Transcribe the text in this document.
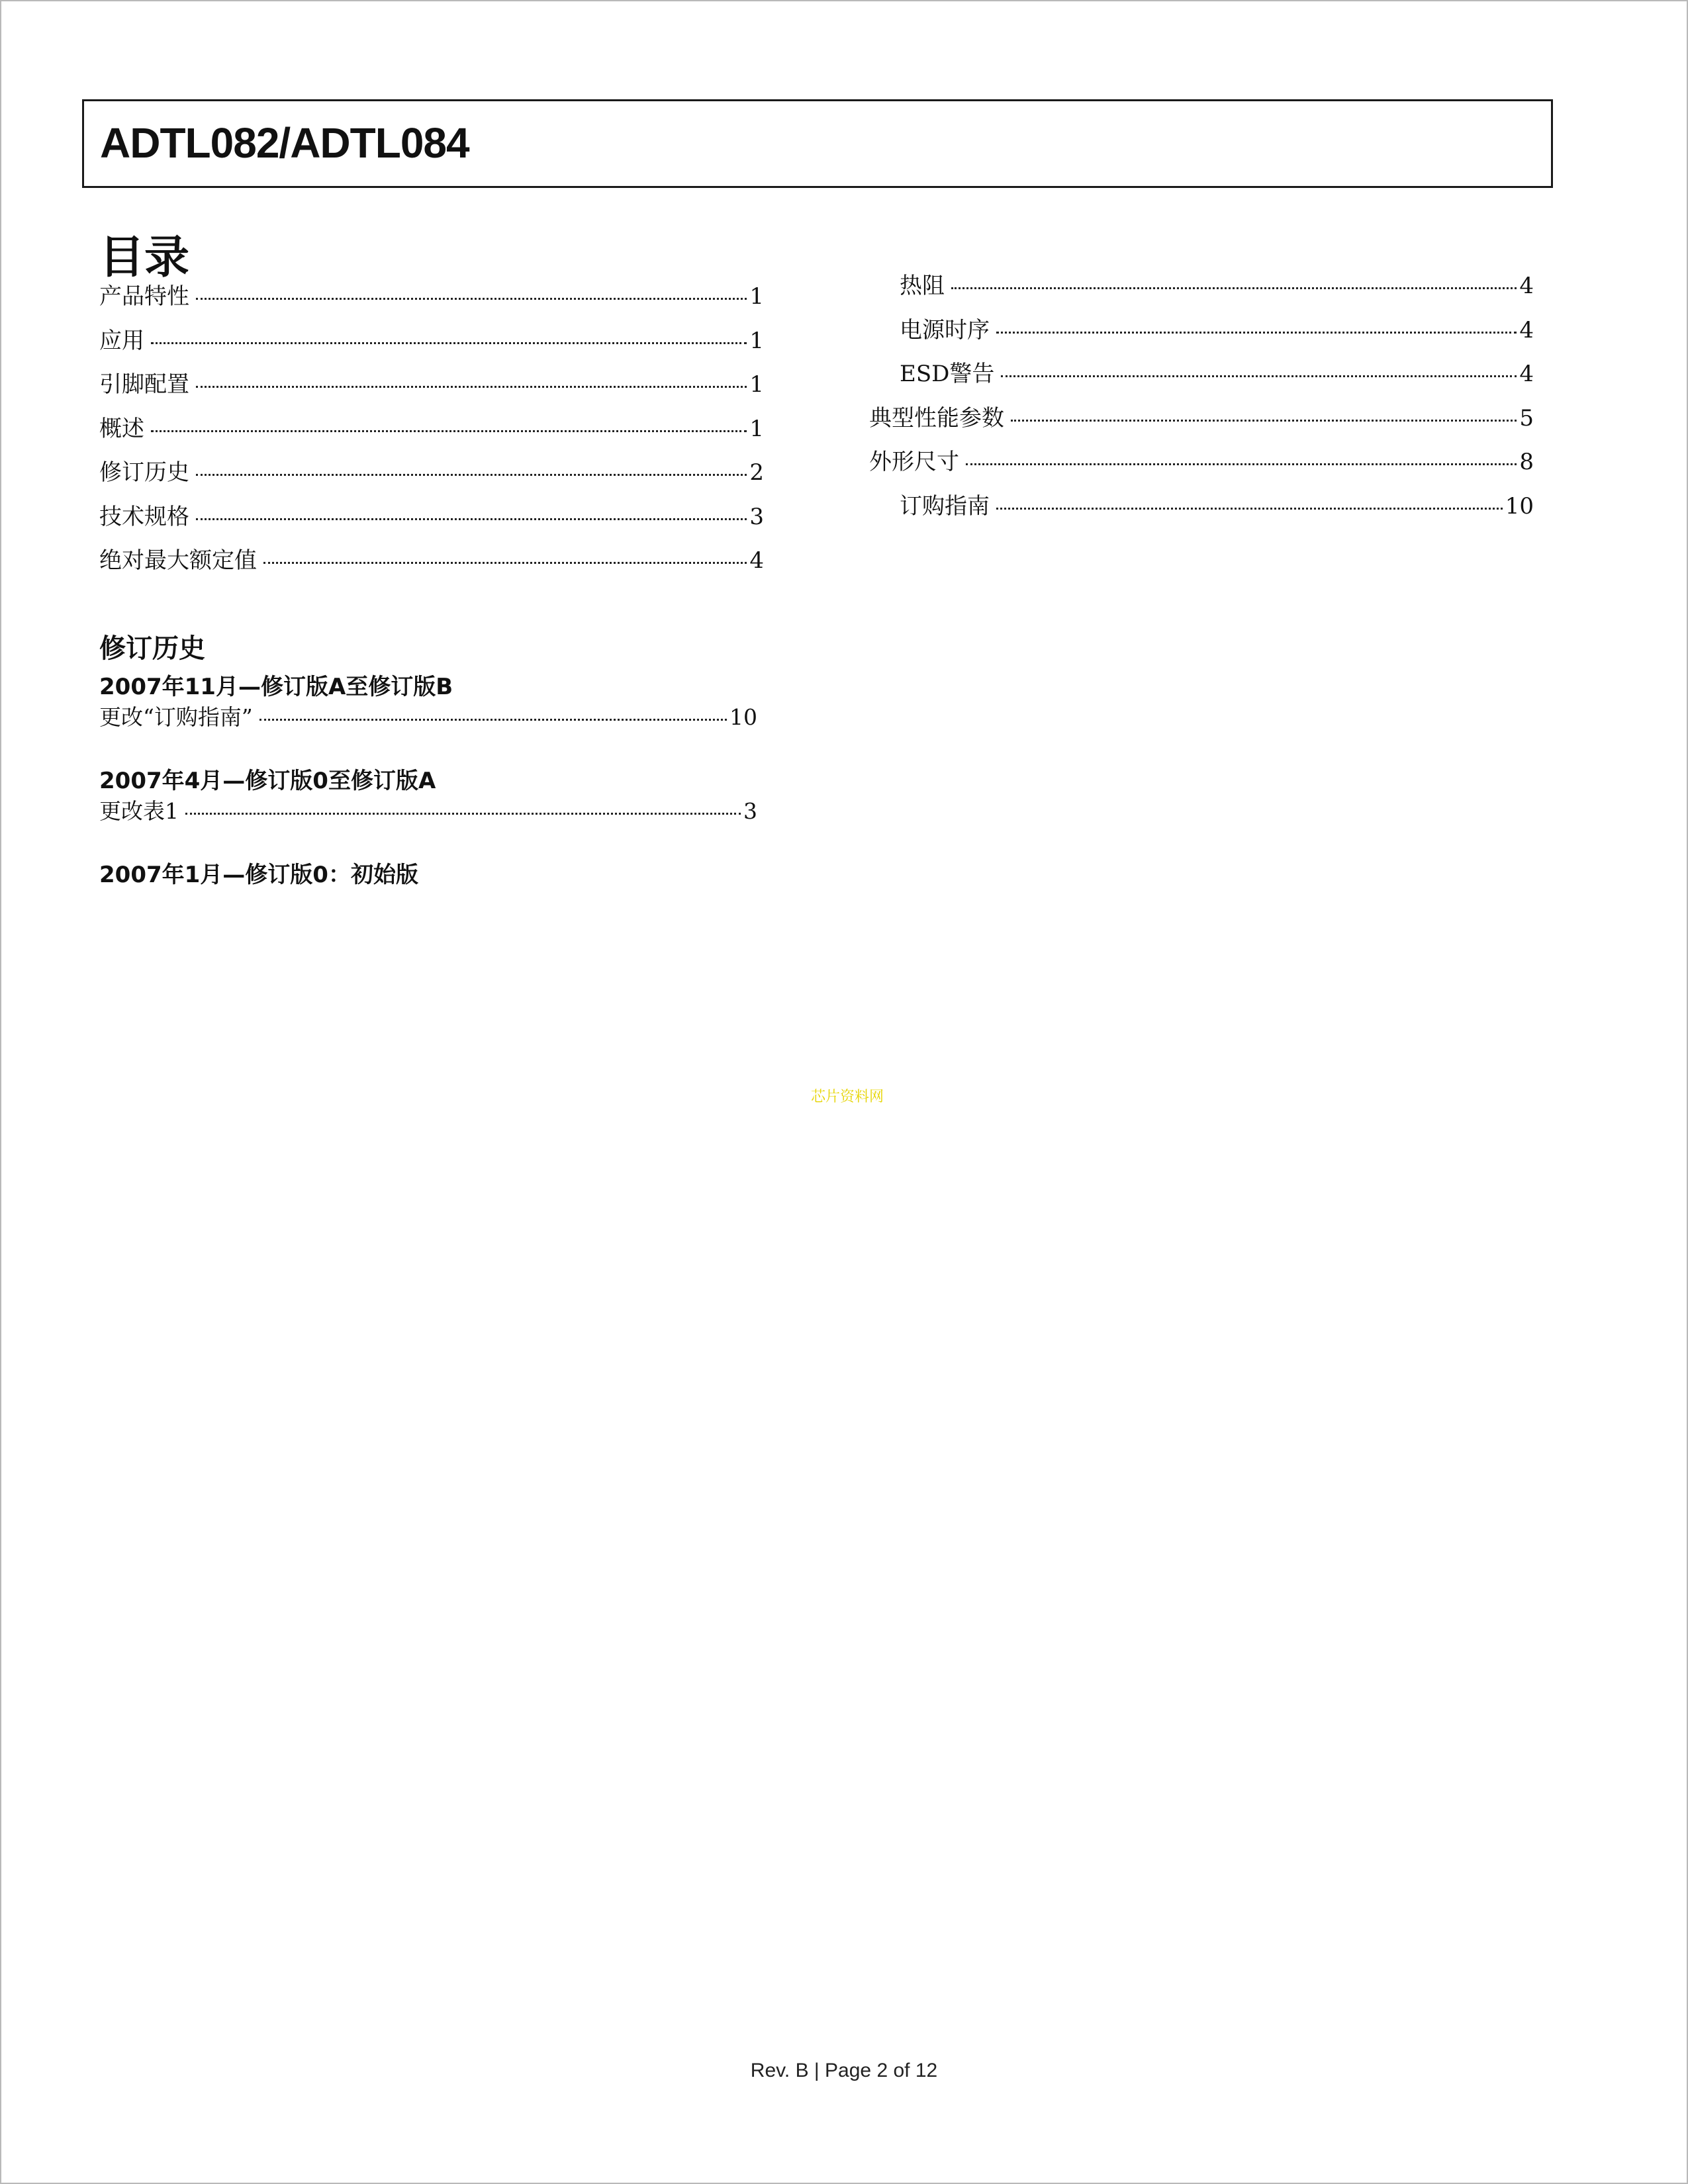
ADTL082/ADTL084
目录
产品特性	1
应用	1
引脚配置	1
概述	1
修订历史	2
技术规格	3
绝对最大额定值	4
热阻	4
电源时序	4
ESD警告	4
典型性能参数	5
外形尺寸	8
订购指南	10
修订历史
2007年11月—修订版A至修订版B
更改“订购指南”	10
2007年4月—修订版0至修订版A
更改表1	3
2007年1月—修订版0：初始版
芯片资料网
Rev. B | Page 2 of 12
